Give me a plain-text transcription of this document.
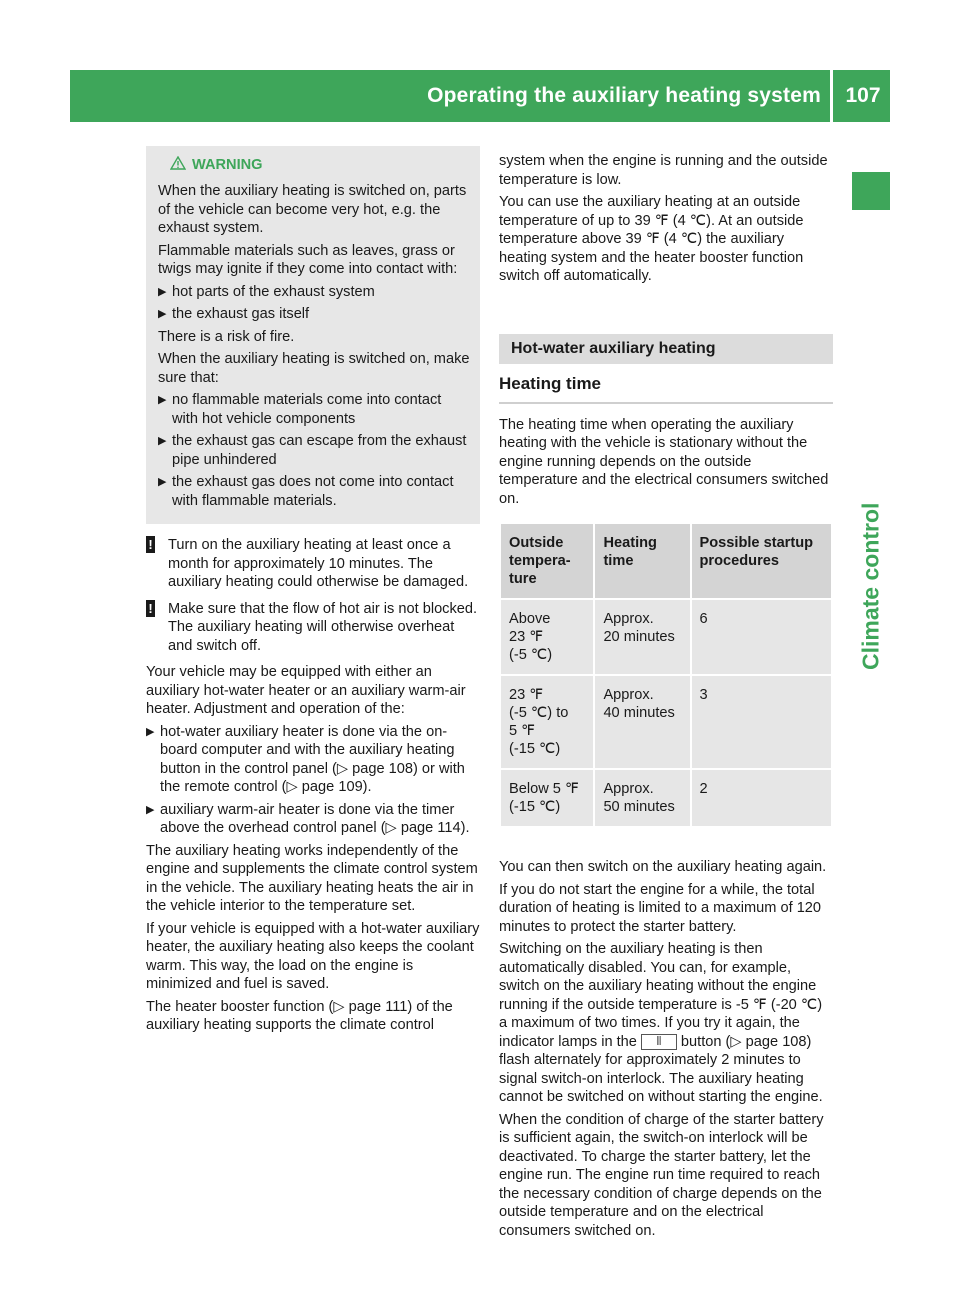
Operating the auxiliary heating system	107
Climate control
WARNING

When the auxiliary heating is switched on, parts of the vehicle can become very hot, e.g. the exhaust system.

Flammable materials such as leaves, grass or twigs may ignite if they come into contact with:

▶ hot parts of the exhaust system
▶ the exhaust gas itself

There is a risk of fire.

When the auxiliary heating is switched on, make sure that:

▶ no flammable materials come into contact with hot vehicle components
▶ the exhaust gas can escape from the exhaust pipe unhindered
▶ the exhaust gas does not come into contact with flammable materials.
!	Turn on the auxiliary heating at least once a month for approximately 10 minutes. The auxiliary heating could otherwise be damaged.
!	Make sure that the flow of hot air is not blocked. The auxiliary heating will otherwise overheat and switch off.

Your vehicle may be equipped with either an auxiliary hot-water heater or an auxiliary warm-air heater. Adjustment and operation of the:

▶ hot-water auxiliary heater is done via the on-board computer and with the auxiliary heating button in the control panel (▷ page 108) or with the remote control (▷ page 109).
▶ auxiliary warm-air heater is done via the timer above the overhead control panel (▷ page 114).

The auxiliary heating works independently of the engine and supplements the climate control system in the vehicle. The auxiliary heating heats the air in the vehicle interior to the temperature set.

If your vehicle is equipped with a hot-water auxiliary heater, the auxiliary heating also keeps the coolant warm. This way, the load on the engine is minimized and fuel is saved.

The heater booster function (▷ page 111) of the auxiliary heating supports the climate control

system when the engine is running and the outside temperature is low.

You can use the auxiliary heating at an outside temperature of up to 39 ℉ (4 ℃). At an outside temperature above 39 ℉ (4 ℃) the auxiliary heating system and the heater booster function switch off automatically.

Hot-water auxiliary heating
Heating time

The heating time when operating the auxiliary heating with the vehicle is stationary without the engine running depends on the outside temperature and the electrical consumers switched on.

Outside
tempera-
ture	Heating
time	Possible startup
procedures
Above
23 ℉
(-5 ℃)	Approx.
20 minutes	6
23 ℉
(-5 ℃) to
5 ℉
(-15 ℃)	Approx.
40 minutes	3
Below 5 ℉
(-15 ℃)	Approx.
50 minutes	2

You can then switch on the auxiliary heating again.

If you do not start the engine for a while, the total duration of heating is limited to a maximum of 120 minutes to protect the starter battery.

Switching on the auxiliary heating is then automatically disabled. You can, for example, switch on the auxiliary heating without the engine running if the outside temperature is -5 ℉ (-20 ℃) a maximum of two times. If you try it again, the indicator lamps in the ⫼ button (▷ page 108) flash alternately for approximately 2 minutes to signal switch-on interlock. The auxiliary heating cannot be switched on without starting the engine.

When the condition of charge of the starter battery is sufficient again, the switch-on interlock will be deactivated. To charge the starter battery, let the engine run. The engine run time required to reach the necessary condition of charge depends on the outside temperature and on the electrical consumers switched on.
